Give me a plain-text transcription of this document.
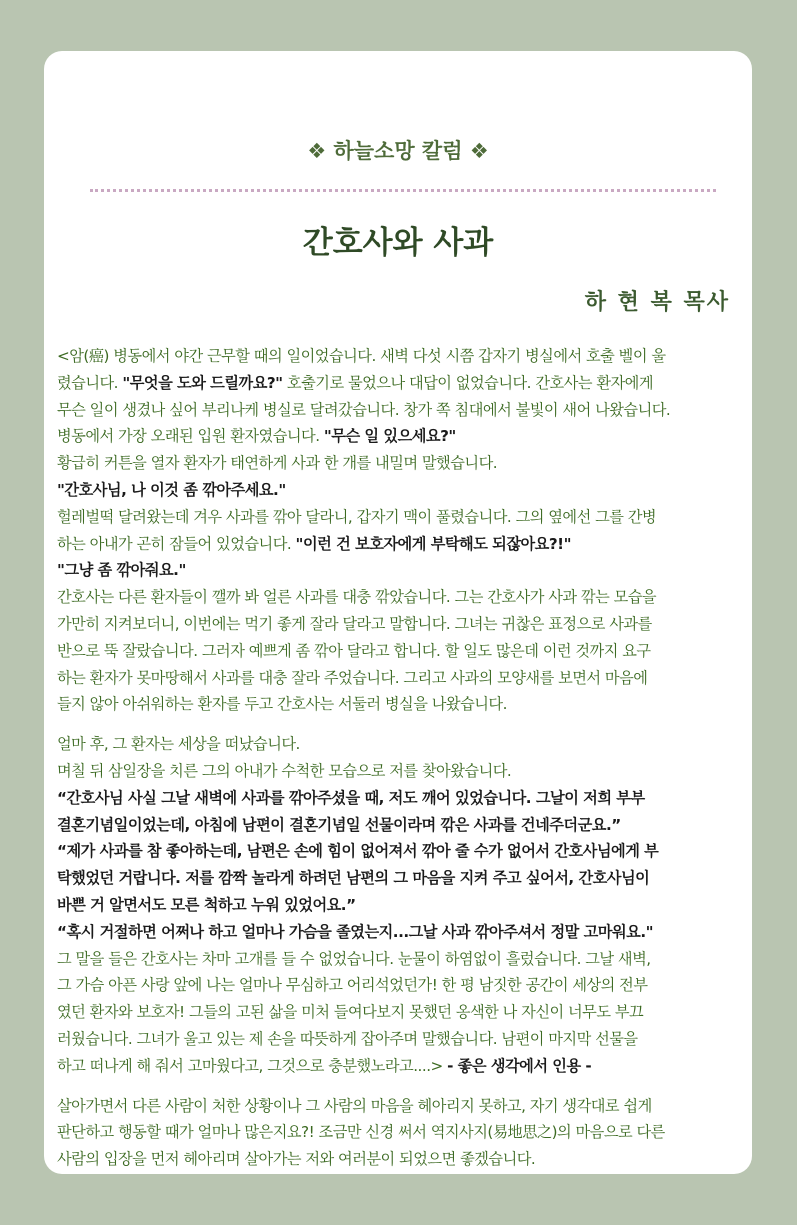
❖ 하늘소망 칼럼 ❖
간호사와 사과
하 현 복 목사
<암(癌) 병동에서 야간 근무할 때의 일이었습니다. 새벽 다섯 시쯤 갑자기 병실에서 호출 벨이 울
렸습니다. "무엇을 도와 드릴까요?" 호출기로 물었으나 대답이 없었습니다. 간호사는 환자에게
무슨 일이 생겼나 싶어 부리나케 병실로 달려갔습니다. 창가 쪽 침대에서 불빛이 새어 나왔습니다.
병동에서 가장 오래된 입원 환자였습니다. "무슨 일 있으세요?"
황급히 커튼을 열자 환자가 태연하게 사과 한 개를 내밀며 말했습니다.
"간호사님, 나 이것 좀 깎아주세요."
헐레벌떡 달려왔는데 겨우 사과를 깎아 달라니, 갑자기 맥이 풀렸습니다. 그의 옆에선 그를 간병
하는 아내가 곤히 잠들어 있었습니다. "이런 건 보호자에게 부탁해도 되잖아요?!"
"그냥 좀 깎아줘요."
간호사는 다른 환자들이 깰까 봐 얼른 사과를 대충 깎았습니다. 그는 간호사가 사과 깎는 모습을
가만히 지켜보더니, 이번에는 먹기 좋게 잘라 달라고 말합니다. 그녀는 귀찮은 표정으로 사과를
반으로 뚝 잘랐습니다. 그러자 예쁘게 좀 깎아 달라고 합니다. 할 일도 많은데 이런 것까지 요구
하는 환자가 못마땅해서 사과를 대충 잘라 주었습니다. 그리고 사과의 모양새를 보면서 마음에
들지 않아 아쉬워하는 환자를 두고 간호사는 서둘러 병실을 나왔습니다.
얼마 후, 그 환자는 세상을 떠났습니다.
며칠 뒤 삼일장을 치른 그의 아내가 수척한 모습으로 저를 찾아왔습니다.
“간호사님 사실 그날 새벽에 사과를 깎아주셨을 때, 저도 깨어 있었습니다. 그날이 저희 부부
결혼기념일이었는데, 아침에 남편이 결혼기념일 선물이라며 깎은 사과를 건네주더군요.”
“제가 사과를 참 좋아하는데, 남편은 손에 힘이 없어져서 깎아 줄 수가 없어서 간호사님에게 부
탁했었던 거랍니다. 저를 깜짝 놀라게 하려던 남편의 그 마음을 지켜 주고 싶어서, 간호사님이
바쁜 거 알면서도 모른 척하고 누워 있었어요.”
“혹시 거절하면 어쩌나 하고 얼마나 가슴을 졸였는지...그날 사과 깎아주셔서 정말 고마워요."
그 말을 들은 간호사는 차마 고개를 들 수 없었습니다. 눈물이 하염없이 흘렀습니다. 그날 새벽,
그 가슴 아픈 사랑 앞에 나는 얼마나 무심하고 어리석었던가! 한 평 남짓한 공간이 세상의 전부
였던 환자와 보호자! 그들의 고된 삶을 미처 들여다보지 못했던 옹색한 나 자신이 너무도 부끄
러웠습니다. 그녀가 울고 있는 제 손을 따뜻하게 잡아주며 말했습니다. 남편이 마지막 선물을
하고 떠나게 해 줘서 고마웠다고, 그것으로 충분했노라고....> - 좋은 생각에서 인용 -
살아가면서 다른 사람이 처한 상황이나 그 사람의 마음을 헤아리지 못하고, 자기 생각대로 쉽게
판단하고 행동할 때가 얼마나 많은지요?! 조금만 신경 써서 역지사지(易地思之)의 마음으로 다른
사람의 입장을 먼저 헤아리며 살아가는 저와 여러분이 되었으면 좋겠습니다.
